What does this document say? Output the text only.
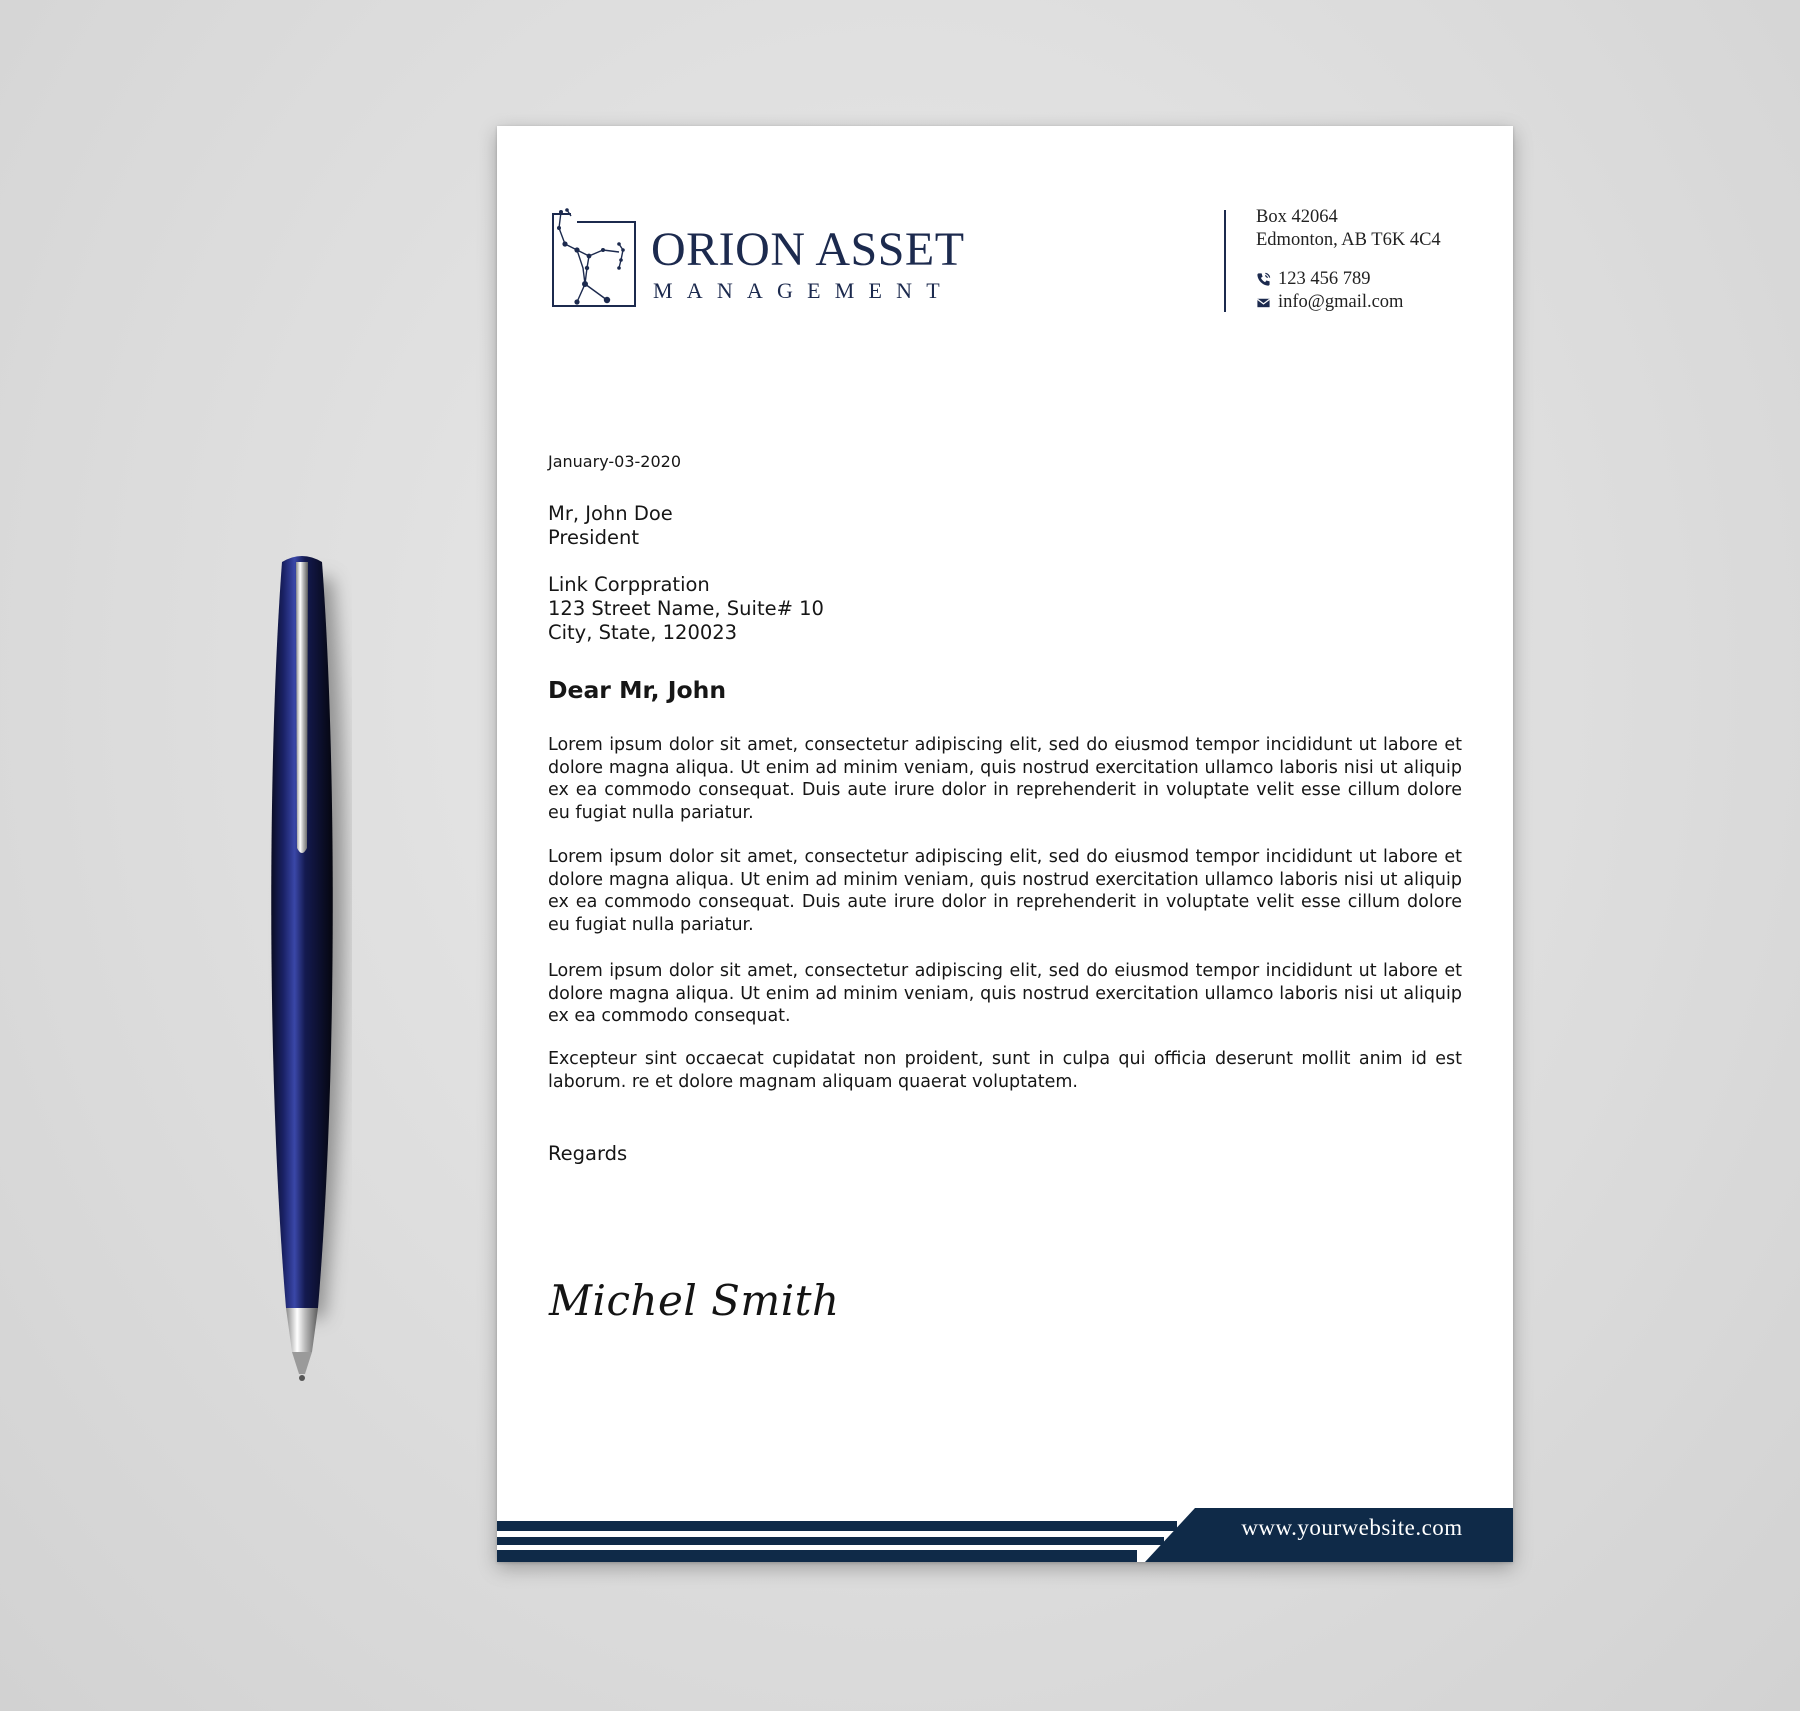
ORION ASSET
MANAGEMENT
Box 42064
Edmonton, AB T6K 4C4
123 456 789
info@gmail.com
January-03-2020
Mr, John Doe
President
Link Corppration
123 Street Name, Suite# 10
City, State, 120023
Dear Mr, John

Lorem ipsum dolor sit amet, consectetur adipiscing elit, sed do eiusmod tempor incididunt ut labore et dolore magna aliqua. Ut enim ad minim veniam, quis nostrud exercitation ullamco laboris nisi ut aliquip ex ea commodo consequat. Duis aute irure dolor in reprehenderit in voluptate velit esse cillum dolore eu fugiat nulla pariatur.

Lorem ipsum dolor sit amet, consectetur adipiscing elit, sed do eiusmod tempor incididunt ut labore et dolore magna aliqua. Ut enim ad minim veniam, quis nostrud exercitation ullamco laboris nisi ut aliquip ex ea commodo consequat. Duis aute irure dolor in reprehenderit in voluptate velit esse cillum dolore eu fugiat nulla pariatur.

Lorem ipsum dolor sit amet, consectetur adipiscing elit, sed do eiusmod tempor incididunt ut labore et dolore magna aliqua. Ut enim ad minim veniam, quis nostrud exercitation ullamco laboris nisi ut aliquip ex ea commodo consequat.

Excepteur sint occaecat cupidatat non proident, sunt in culpa qui officia deserunt mollit anim id est laborum. re et dolore magnam aliquam quaerat voluptatem.

Regards
Michel Smith
www.yourwebsite.com
